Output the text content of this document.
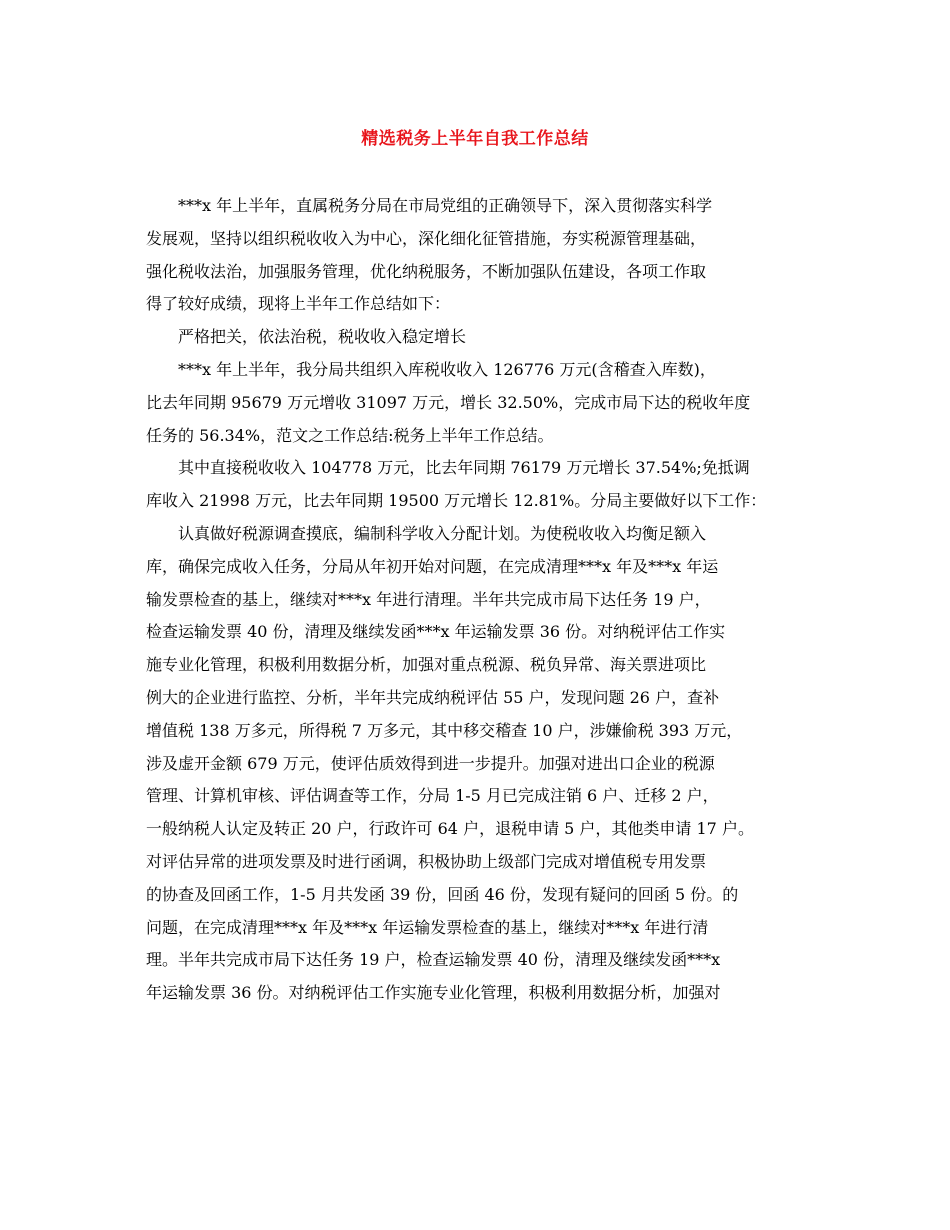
精选税务上半年自我工作总结
***x 年上半年，直属税务分局在市局党组的正确领导下，深入贯彻落实科学
发展观，坚持以组织税收收入为中心，深化细化征管措施，夯实税源管理基础，
强化税收法治，加强服务管理，优化纳税服务，不断加强队伍建设，各项工作取
得了较好成绩，现将上半年工作总结如下：
严格把关，依法治税，税收收入稳定增长
***x 年上半年，我分局共组织入库税收收入 126776 万元(含稽查入库数)，
比去年同期 95679 万元增收 31097 万元，增长 32.50%，完成市局下达的税收年度
任务的 56.34%，范文之工作总结:税务上半年工作总结。
其中直接税收收入 104778 万元，比去年同期 76179 万元增长 37.54%;免抵调
库收入 21998 万元，比去年同期 19500 万元增长 12.81%。分局主要做好以下工作：
认真做好税源调查摸底，编制科学收入分配计划。为使税收收入均衡足额入
库，确保完成收入任务，分局从年初开始对问题，在完成清理***x 年及***x 年运
输发票检查的基上，继续对***x 年进行清理。半年共完成市局下达任务 19 户，
检查运输发票 40 份，清理及继续发函***x 年运输发票 36 份。对纳税评估工作实
施专业化管理，积极利用数据分析，加强对重点税源、税负异常、海关票进项比
例大的企业进行监控、分析，半年共完成纳税评估 55 户，发现问题 26 户，查补
增值税 138 万多元，所得税 7 万多元，其中移交稽查 10 户，涉嫌偷税 393 万元，
涉及虚开金额 679 万元，使评估质效得到进一步提升。加强对进出口企业的税源
管理、计算机审核、评估调查等工作，分局 1-5 月已完成注销 6 户、迁移 2 户，
一般纳税人认定及转正 20 户，行政许可 64 户，退税申请 5 户，其他类申请 17 户。
对评估异常的进项发票及时进行函调，积极协助上级部门完成对增值税专用发票
的协查及回函工作，1-5 月共发函 39 份，回函 46 份，发现有疑问的回函 5 份。的
问题，在完成清理***x 年及***x 年运输发票检查的基上，继续对***x 年进行清
理。半年共完成市局下达任务 19 户，检查运输发票 40 份，清理及继续发函***x
年运输发票 36 份。对纳税评估工作实施专业化管理，积极利用数据分析，加强对
